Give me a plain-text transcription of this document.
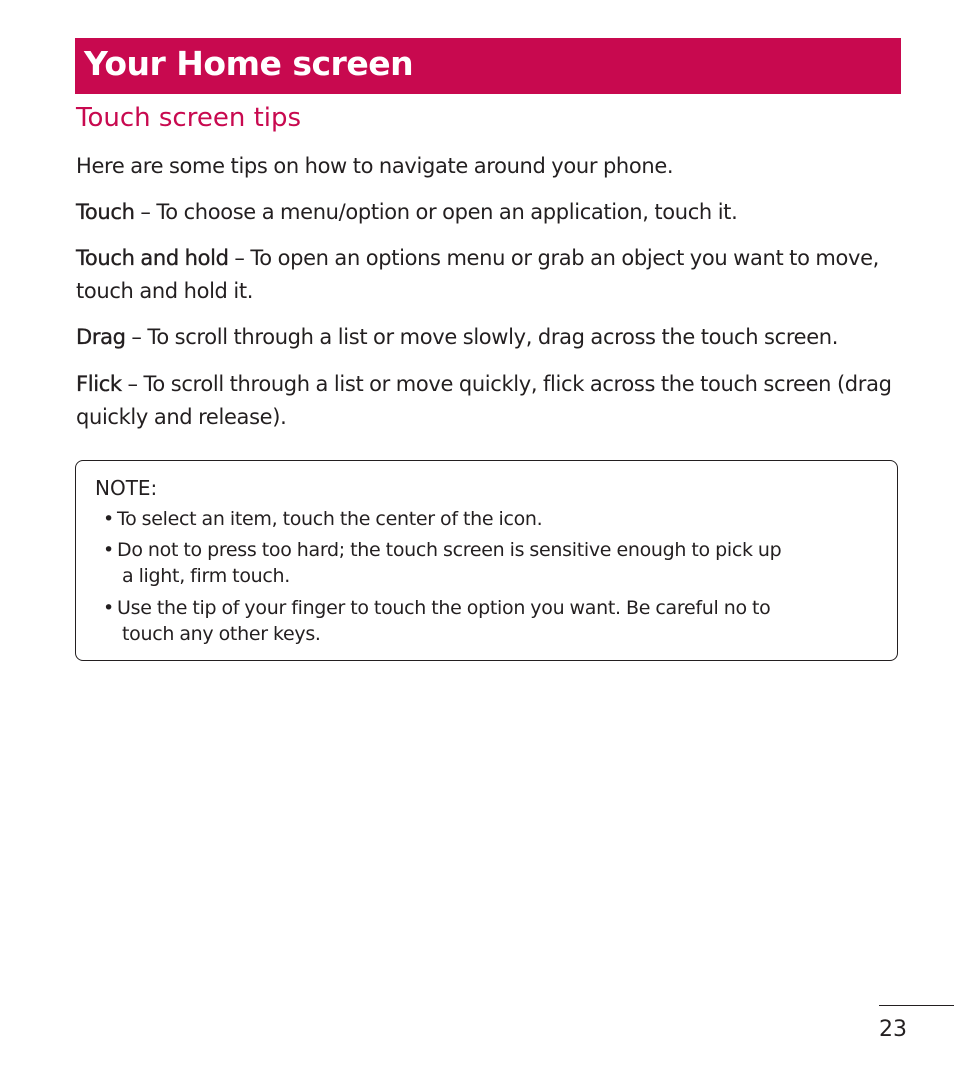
Your Home screen
Touch screen tips
Here are some tips on how to navigate around your phone.
Touch – To choose a menu/option or open an application, touch it.
Touch and hold – To open an options menu or grab an object you want to move, touch and hold it.
Drag – To scroll through a list or move slowly, drag across the touch screen.
Flick – To scroll through a list or move quickly, flick across the touch screen (drag quickly and release).
NOTE:
• To select an item, touch the center of the icon.
• Do not to press too hard; the touch screen is sensitive enough to pick up
a light, firm touch.
• Use the tip of your finger to touch the option you want. Be careful no to
touch any other keys.
23
